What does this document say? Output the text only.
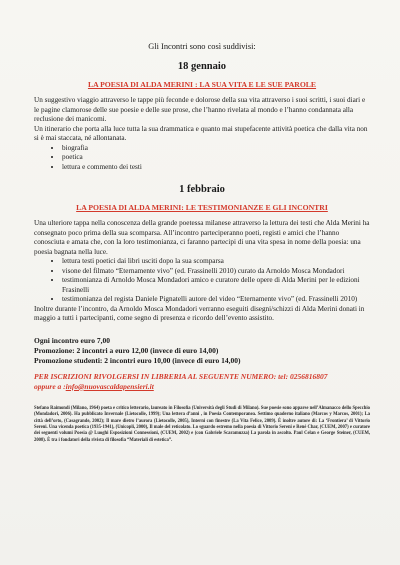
Gli Incontri sono così suddivisi:

18 gennaio
LA POESIA DI ALDA MERINI : LA SUA VITA E LE SUE PAROLE

Un suggestivo viaggio attraverso le tappe più feconde e dolorose della sua vita attraverso i suoi scritti, i suoi diari e le pagine clamorose delle sue poesie e delle sue prose, che l’hanno rivelata al mondo e l’hanno condannata alla reclusione dei manicomi.

Un itinerario che porta alla luce tutta la sua drammatica e quanto mai stupefacente attività poetica che dalla vita non si è mai staccata, né allontanata.

• biografia
• poetica
• lettura e commento dei testi
1 febbraio
LA POESIA DI ALDA MERINI: LE TESTIMONIANZE E GLI INCONTRI

Una ulteriore tappa nella conoscenza della grande poetessa milanese attraverso la lettura dei testi che Alda Merini ha consegnato poco prima della sua scomparsa. All’incontro parteciperanno poeti, registi e amici che l’hanno conosciuta e amata che, con la loro testimonianza, ci faranno partecipi di una vita spesa in nome della poesia: una poesia bagnata nella luce.

• lettura testi poetici dai libri usciti dopo la sua scomparsa
• visone del filmato “Eternamente vivo” (ed. Frassinelli 2010) curato da Arnoldo Mosca Mondadori
• testimonianza di Arnoldo Mosca Mondadori amico e curatore delle opere di Alda Merini per le edizioni Frasinelli
• testimonianza del regista Daniele Pignatelli autore del video “Eternamente vivo” (ed. Frassinelli 2010)

Inoltre durante l’incontro, da Arnoldo Mosca Mondadori verranno eseguiti disegni/schizzi di Alda Merini donati in maggio a tutti i partecipanti, come segno di presenza e ricordo dell’evento assistito.

Ogni incontro euro 7,00
Promozione: 2 incontri a euro 12,00 (invece di euro 14,00)
Promozione studenti: 2 incontri euro 10,00 (invece di euro 14,00)
PER ISCRIZIONI RIVOLGERSI IN LIBRERIA AL SEGUENTE NUMERO: tel: 0256816807
oppure a :info@nuovascaldapensieri.it

Stefano Raimondi (Milano, 1964) poeta e critico letterario, laureato in Filosofia (Università degli Studi di Milano). Sue poesie sono apparse nell’Almanacco dello Specchio (Mondadori, 2006). Ha pubblicato Invernale (Lietocolle, 1999); Una lettera d’anni , in Poesia Contemporanea. Settimo quaderno italiano (Marcos y Marcos, 2001); La città dell’orto, (Casagrande, 2002); Il mare dietro l’aurora (Lietocolle, 2005), Interni con finestre (La Vita Felice, 2009). È inoltre autore di: La ‘Frontiera’ di Vittorio Sereni. Una vicenda poetica (1935-1941), (Unicopli, 2000), Il male del reticolato. Lo sguardo estremo nella poesia di Vittorio Sereni e René Char, (CUEM, 2007) e curatore dei seguenti volumi Poesia @ Luoghi Esposizioni Connessioni, (CUEM, 2002) e (con Gabriele Scaramuzza) La parola in ascolto. Paul Celan e George Steiner, (CUEM, 2008). È tra i fondatori della rivista di filosofia “Materiali di estetica”.
